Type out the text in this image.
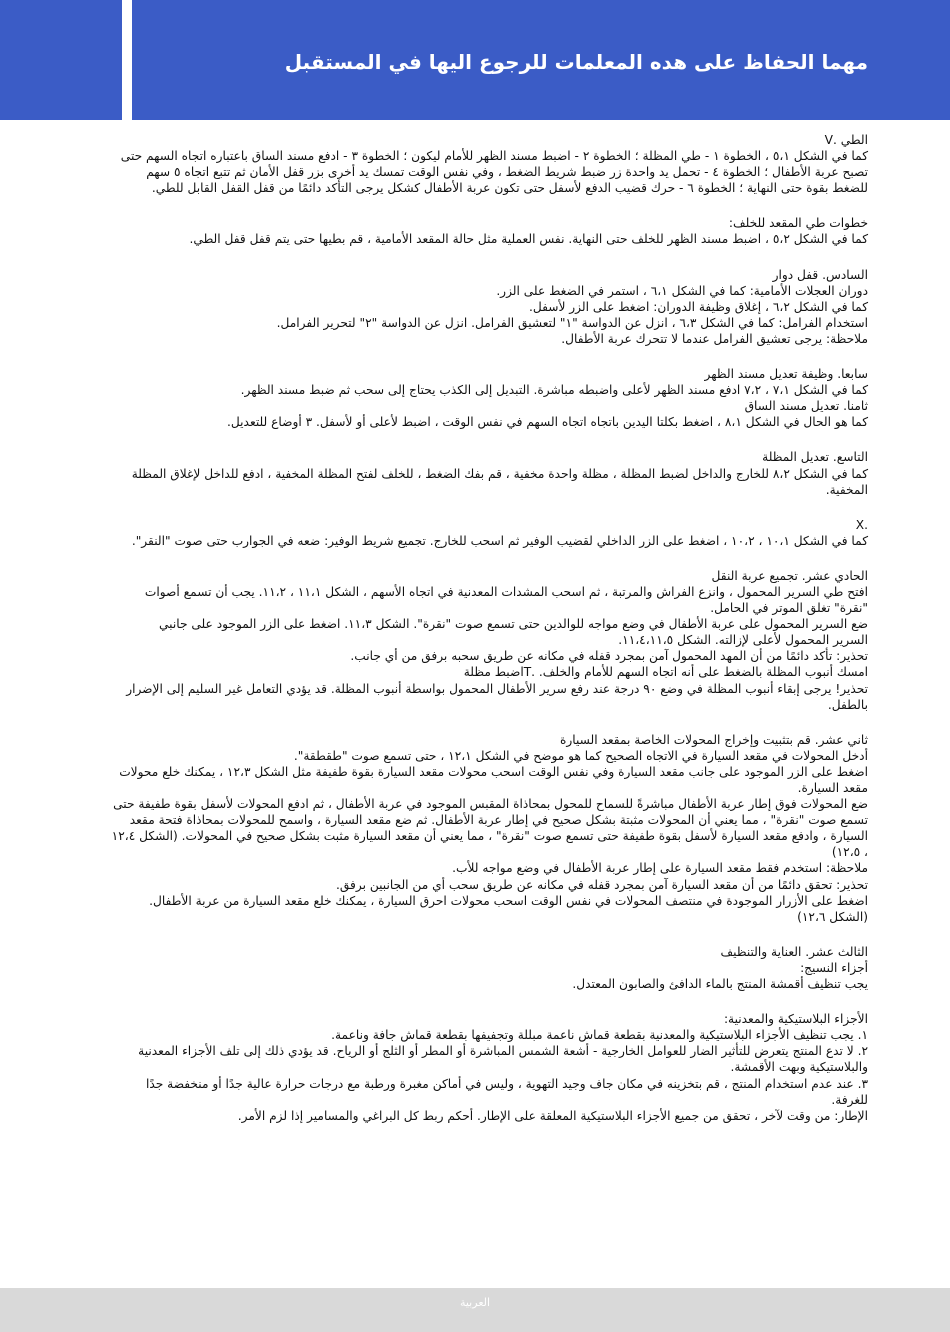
مهما الحفاظ على هده المعلمات للرجوع اليها في المستقبل
الطي .V
كما في الشكل ٥،١ ، الخطوة ١ - طي المظلة ؛ الخطوة ٢ - اضبط مسند الظهر للأمام ليكون ؛ الخطوة ٣ - ادفع مسند الساق باعتباره اتجاه السهم حتى
تصبح عربة الأطفال ؛ الخطوة ٤ - تحمل يد واحدة زر ضبط شريط الضغط ، وفي نفس الوقت تمسك يد أخرى بزر قفل الأمان ثم تتبع اتجاه ٥ سهم
للضغط بقوة حتى النهاية ؛ الخطوة ٦ - حرك قضيب الدفع لأسفل حتى تكون عربة الأطفال كشكل يرجى التأكد دائمًا من قفل القفل القابل للطي.
خطوات طي المقعد للخلف:
كما في الشكل ٥،٢ ، اضبط مسند الظهر للخلف حتى النهاية. نفس العملية مثل حالة المقعد الأمامية ، قم بطيها حتى يتم قفل قفل الطي.
السادس. قفل دوار
دوران العجلات الأمامية: كما في الشكل ٦،١ ، استمر في الضغط على الزر.
كما في الشكل ٦،٢ ، إغلاق وظيفة الدوران: اضغط على الزر لأسفل.
استخدام الفرامل: كما في الشكل ٦،٣ ، انزل عن الدواسة "١" لتعشيق الفرامل. انزل عن الدواسة "٢" لتحرير الفرامل.
ملاحظة: يرجى تعشيق الفرامل عندما لا تتحرك عربة الأطفال.
سابعا. وظيفة تعديل مسند الظهر
كما في الشكل ٧،١ ، ٧،٢ ادفع مسند الظهر لأعلى واضبطه مباشرة. التبديل إلى الكذب يحتاج إلى سحب ثم ضبط مسند الظهر.
ثامنا. تعديل مسند الساق
كما هو الحال في الشكل ٨،١ ، اضغط بكلتا اليدين باتجاه اتجاه السهم في نفس الوقت ، اضبط لأعلى أو لأسفل. ٣ أوضاع للتعديل.
التاسع. تعديل المظلة
كما في الشكل ٨،٢ للخارج والداخل لضبط المظلة ، مظلة واحدة مخفية ، قم بفك الضغط ، للخلف لفتح المظلة المخفية ، ادفع للداخل لإغلاق المظلة
المخفية.
.X
كما في الشكل ١٠،١ ، ١٠،٢ ، اضغط على الزر الداخلي لقضيب الوفير ثم اسحب للخارج. تجميع شريط الوفير: ضعه في الجوارب حتى صوت "النقر".
الحادي عشر. تجميع عربة النقل
افتح طي السرير المحمول ، وانزع الفراش والمرتبة ، ثم اسحب المشدات المعدنية في اتجاه الأسهم ، الشكل ١١،١ ، ١١،٢. يجب أن تسمع أصوات
"نقرة" تغلق الموتر في الحامل.
ضع السرير المحمول على عربة الأطفال في وضع مواجه للوالدين حتى تسمع صوت "نقرة". الشكل ١١،٣. اضغط على الزر الموجود على جانبي
السرير المحمول لأعلى لإزالته. الشكل ١١،٤،١١،٥.
تحذير: تأكد دائمًا من أن المهد المحمول آمن بمجرد قفله في مكانه عن طريق سحبه برفق من أي جانب.
امسك أنبوب المظلة بالضغط على أنه اتجاه السهم للأمام والخلف. .Tاضبط مظلة
تحذير! يرجى إبقاء أنبوب المظلة في وضع ٩٠ درجة عند رفع سرير الأطفال المحمول بواسطة أنبوب المظلة. قد يؤدي التعامل غير السليم إلى الإضرار
بالطفل.
ثاني عشر. قم بتثبيت وإخراج المحولات الخاصة بمقعد السيارة
أدخل المحولات في مقعد السيارة في الاتجاه الصحيح كما هو موضح في الشكل ١٢،١ ، حتى تسمع صوت "طقطقة".
اضغط على الزر الموجود على جانب مقعد السيارة وفي نفس الوقت اسحب محولات مقعد السيارة بقوة طفيفة مثل الشكل ١٢،٣ ، يمكنك خلع محولات
مقعد السيارة.
ضع المحولات فوق إطار عربة الأطفال مباشرةً للسماح للمحول بمحاذاة المقبس الموجود في عربة الأطفال ، ثم ادفع المحولات لأسفل بقوة طفيفة حتى
تسمع صوت "نقرة" ، مما يعني أن المحولات مثبتة بشكل صحيح في إطار عربة الأطفال. ثم ضع مقعد السيارة ، واسمح للمحولات بمحاذاة فتحة مقعد
السيارة ، وادفع مقعد السيارة لأسفل بقوة طفيفة حتى تسمع صوت "نقرة" ، مما يعني أن مقعد السيارة مثبت بشكل صحيح في المحولات. (الشكل ١٢،٤
، ١٢،٥)
ملاحظة: استخدم فقط مقعد السيارة على إطار عربة الأطفال في وضع مواجه للأب.
تحذير: تحقق دائمًا من أن مقعد السيارة آمن بمجرد قفله في مكانه عن طريق سحب أي من الجانبين برفق.
اضغط على الأزرار الموجودة في منتصف المحولات في نفس الوقت اسحب محولات احرق السيارة ، يمكنك خلع مقعد السيارة من عربة الأطفال.
(الشكل ١٢،٦)
الثالث عشر. العناية والتنظيف
أجزاء النسيج:
يجب تنظيف أقمشة المنتج بالماء الدافئ والصابون المعتدل.
الأجزاء البلاستيكية والمعدنية:
١. يجب تنظيف الأجزاء البلاستيكية والمعدنية بقطعة قماش ناعمة مبللة وتجفيفها بقطعة قماش جافة وناعمة.
٢. لا تدع المنتج يتعرض للتأثير الضار للعوامل الخارجية - أشعة الشمس المباشرة أو المطر أو الثلج أو الرياح. قد يؤدي ذلك إلى تلف الأجزاء المعدنية
والبلاستيكية وبهت الأقمشة.
٣. عند عدم استخدام المنتج ، قم بتخزينه في مكان جاف وجيد التهوية ، وليس في أماكن مغبرة ورطبة مع درجات حرارة عالية جدًا أو منخفضة جدًا
للغرفة.
الإطار: من وقت لآخر ، تحقق من جميع الأجزاء البلاستيكية المعلقة على الإطار. أحكم ربط كل البراغي والمسامير إذا لزم الأمر.
العربية
